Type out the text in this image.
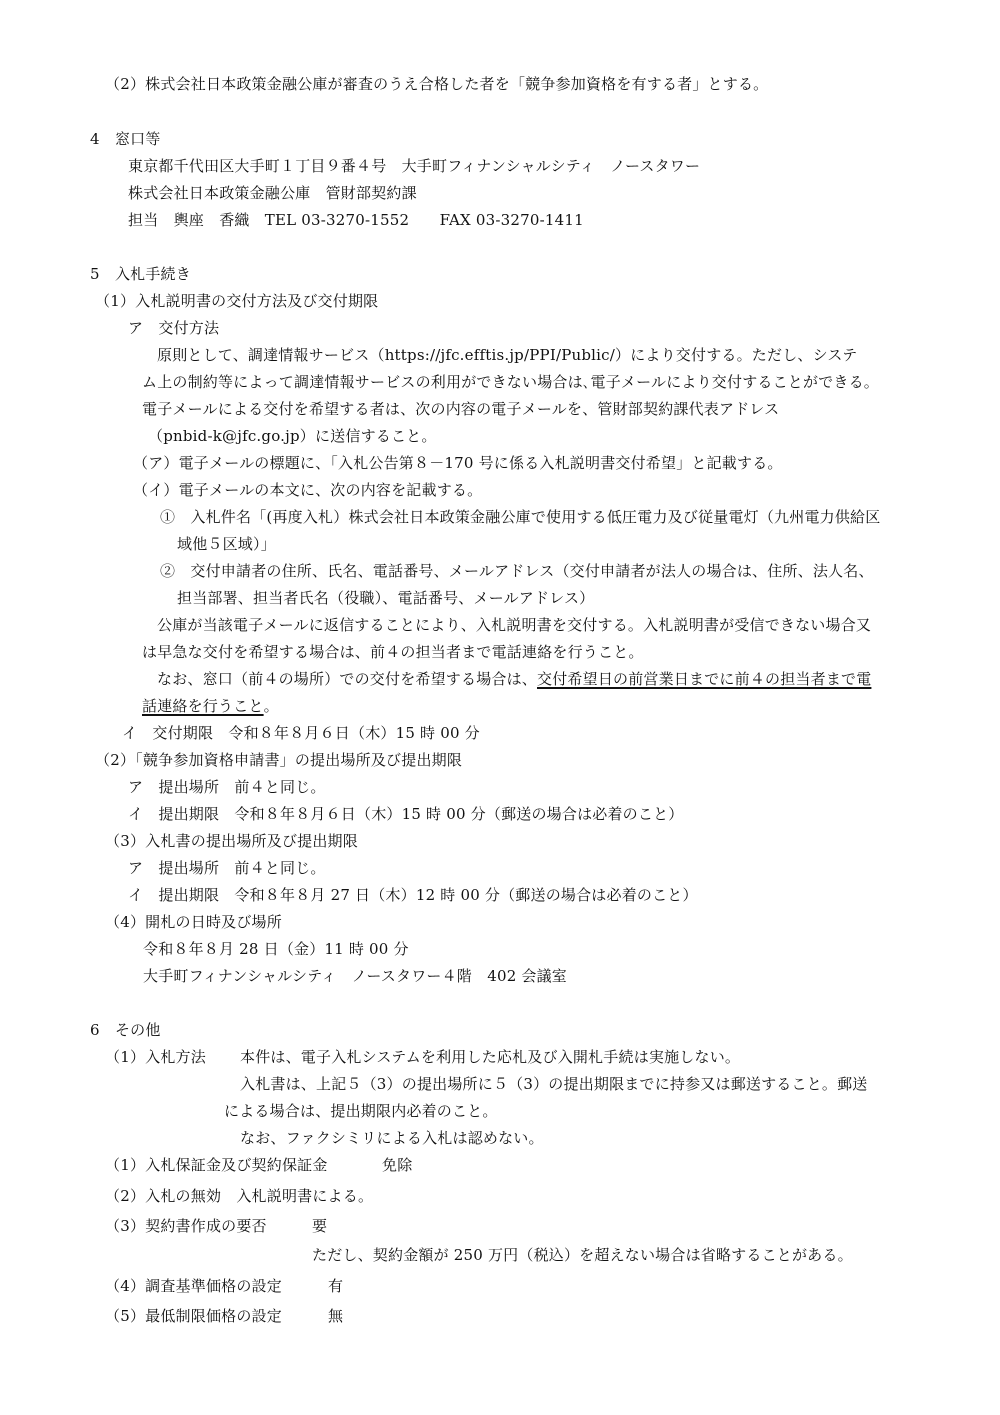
（2）株式会社日本政策金融公庫が審査のうえ合格した者を「競争参加資格を有する者」とする。
4　窓口等
東京都千代田区大手町１丁目９番４号　大手町フィナンシャルシティ　ノースタワー
株式会社日本政策金融公庫　管財部契約課
担当　輿座　香織　TEL 03-3270-1552　　FAX 03-3270-1411
5　入札手続き
（1）入札説明書の交付方法及び交付期限
ア　交付方法
原則として、調達情報サービス（https://jfc.efftis.jp/PPI/Public/）により交付する。ただし、システ
ム上の制約等によって調達情報サービスの利用ができない場合は､電子メールにより交付することができる。
電子メールによる交付を希望する者は、次の内容の電子メールを、管財部契約課代表アドレス
（pnbid-k@jfc.go.jp）に送信すること。
（ア）電子メールの標題に、「入札公告第８－170 号に係る入札説明書交付希望」と記載する。
（イ）電子メールの本文に、次の内容を記載する。
①　入札件名「(再度入札）株式会社日本政策金融公庫で使用する低圧電力及び従量電灯（九州電力供給区
域他５区域）」
②　交付申請者の住所、氏名、電話番号、メールアドレス（交付申請者が法人の場合は、住所、法人名、
担当部署、担当者氏名（役職）、電話番号、メールアドレス）
公庫が当該電子メールに返信することにより、入札説明書を交付する。入札説明書が受信できない場合又
は早急な交付を希望する場合は、前４の担当者まで電話連絡を行うこと。
なお、窓口（前４の場所）での交付を希望する場合は、交付希望日の前営業日までに前４の担当者まで電
話連絡を行うこと。
イ　交付期限　令和８年８月６日（木）15 時 00 分
（2）「競争参加資格申請書」の提出場所及び提出期限
ア　提出場所　前４と同じ。
イ　提出期限　令和８年８月６日（木）15 時 00 分（郵送の場合は必着のこと）
（3）入札書の提出場所及び提出期限
ア　提出場所　前４と同じ。
イ　提出期限　令和８年８月 27 日（木）12 時 00 分（郵送の場合は必着のこと）
（4）開札の日時及び場所
令和８年８月 28 日（金）11 時 00 分
大手町フィナンシャルシティ　ノースタワー４階　402 会議室
6　その他
（1）入札方法 本件は、電子入札システムを利用した応札及び入開札手続は実施しない。
入札書は、上記５（3）の提出場所に５（3）の提出期限までに持参又は郵送すること。郵送
による場合は、提出期限内必着のこと。
なお、ファクシミリによる入札は認めない。
（1）入札保証金及び契約保証金	免除
（2）入札の無効　入札説明書による。
（3）契約書作成の要否	要
ただし、契約金額が 250 万円（税込）を超えない場合は省略することがある。
（4）調査基準価格の設定	有
（5）最低制限価格の設定	無
